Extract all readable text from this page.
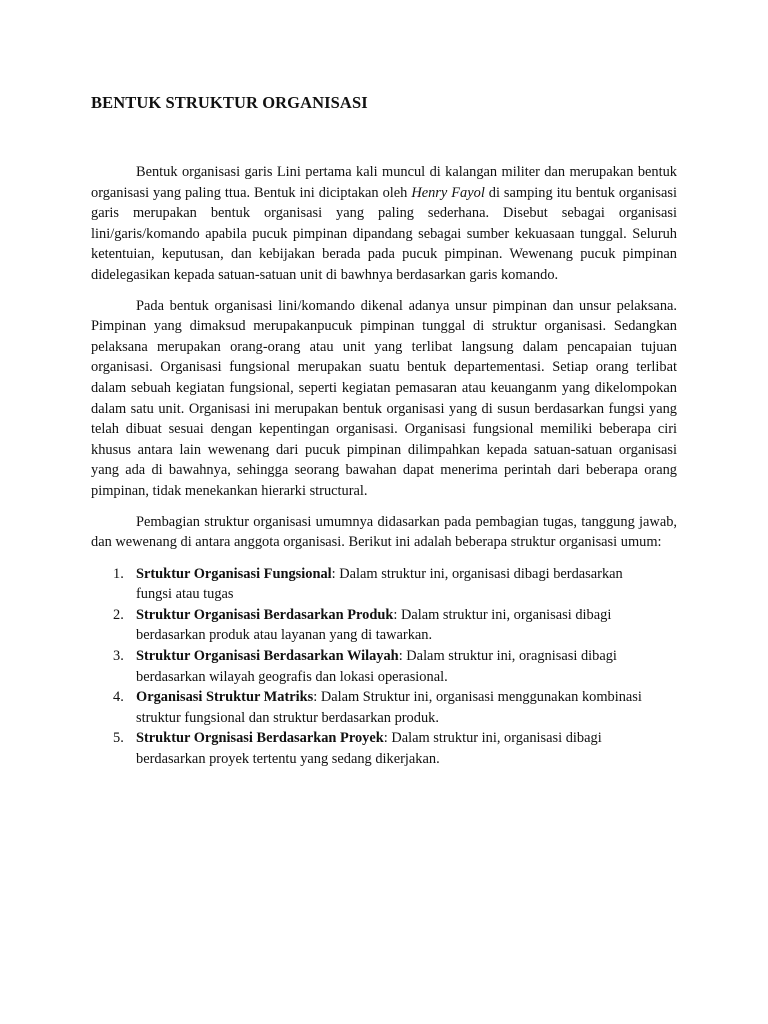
BENTUK STRUKTUR ORGANISASI

Bentuk organisasi garis Lini pertama kali muncul di kalangan militer dan merupakan bentuk organisasi yang paling ttua. Bentuk ini diciptakan oleh Henry Fayol di samping itu bentuk organisasi garis merupakan bentuk organisasi yang paling sederhana. Disebut sebagai organisasi lini/garis/komando apabila pucuk pimpinan dipandang sebagai sumber kekuasaan tunggal. Seluruh ketentuian, keputusan, dan kebijakan berada pada pucuk pimpinan. Wewenang pucuk pimpinan didelegasikan kepada satuan-satuan unit di bawhnya berdasarkan garis komando.

Pada bentuk organisasi lini/komando dikenal adanya unsur pimpinan dan unsur pelaksana. Pimpinan yang dimaksud merupakanpucuk pimpinan tunggal di struktur organisasi. Sedangkan pelaksana merupakan orang-orang atau unit yang terlibat langsung dalam pencapaian tujuan organisasi. Organisasi fungsional merupakan suatu bentuk departementasi. Setiap orang terlibat dalam sebuah kegiatan fungsional, seperti kegiatan pemasaran atau keuanganm yang dikelompokan dalam satu unit. Organisasi ini merupakan bentuk organisasi yang di susun berdasarkan fungsi yang telah dibuat sesuai dengan kepentingan organisasi. Organisasi fungsional memiliki beberapa ciri khusus antara lain wewenang dari pucuk pimpinan dilimpahkan kepada satuan-satuan organisasi yang ada di bawahnya, sehingga seorang bawahan dapat menerima perintah dari beberapa orang pimpinan, tidak menekankan hierarki structural.

Pembagian struktur organisasi umumnya didasarkan pada pembagian tugas, tanggung jawab, dan wewenang di antara anggota organisasi. Berikut ini adalah beberapa struktur organisasi umum:

1. Srtuktur Organisasi Fungsional: Dalam struktur ini, organisasi dibagi berdasarkan
fungsi atau tugas
2. Struktur Organisasi Berdasarkan Produk: Dalam struktur ini, organisasi dibagi
berdasarkan produk atau layanan yang di tawarkan.
3. Struktur Organisasi Berdasarkan Wilayah: Dalam struktur ini, oragnisasi dibagi
berdasarkan wilayah geografis dan lokasi operasional.
4. Organisasi Struktur Matriks: Dalam Struktur ini, organisasi menggunakan kombinasi
struktur fungsional dan struktur berdasarkan produk.
5. Struktur Orgnisasi Berdasarkan Proyek: Dalam struktur ini, organisasi dibagi
berdasarkan proyek tertentu yang sedang dikerjakan.
